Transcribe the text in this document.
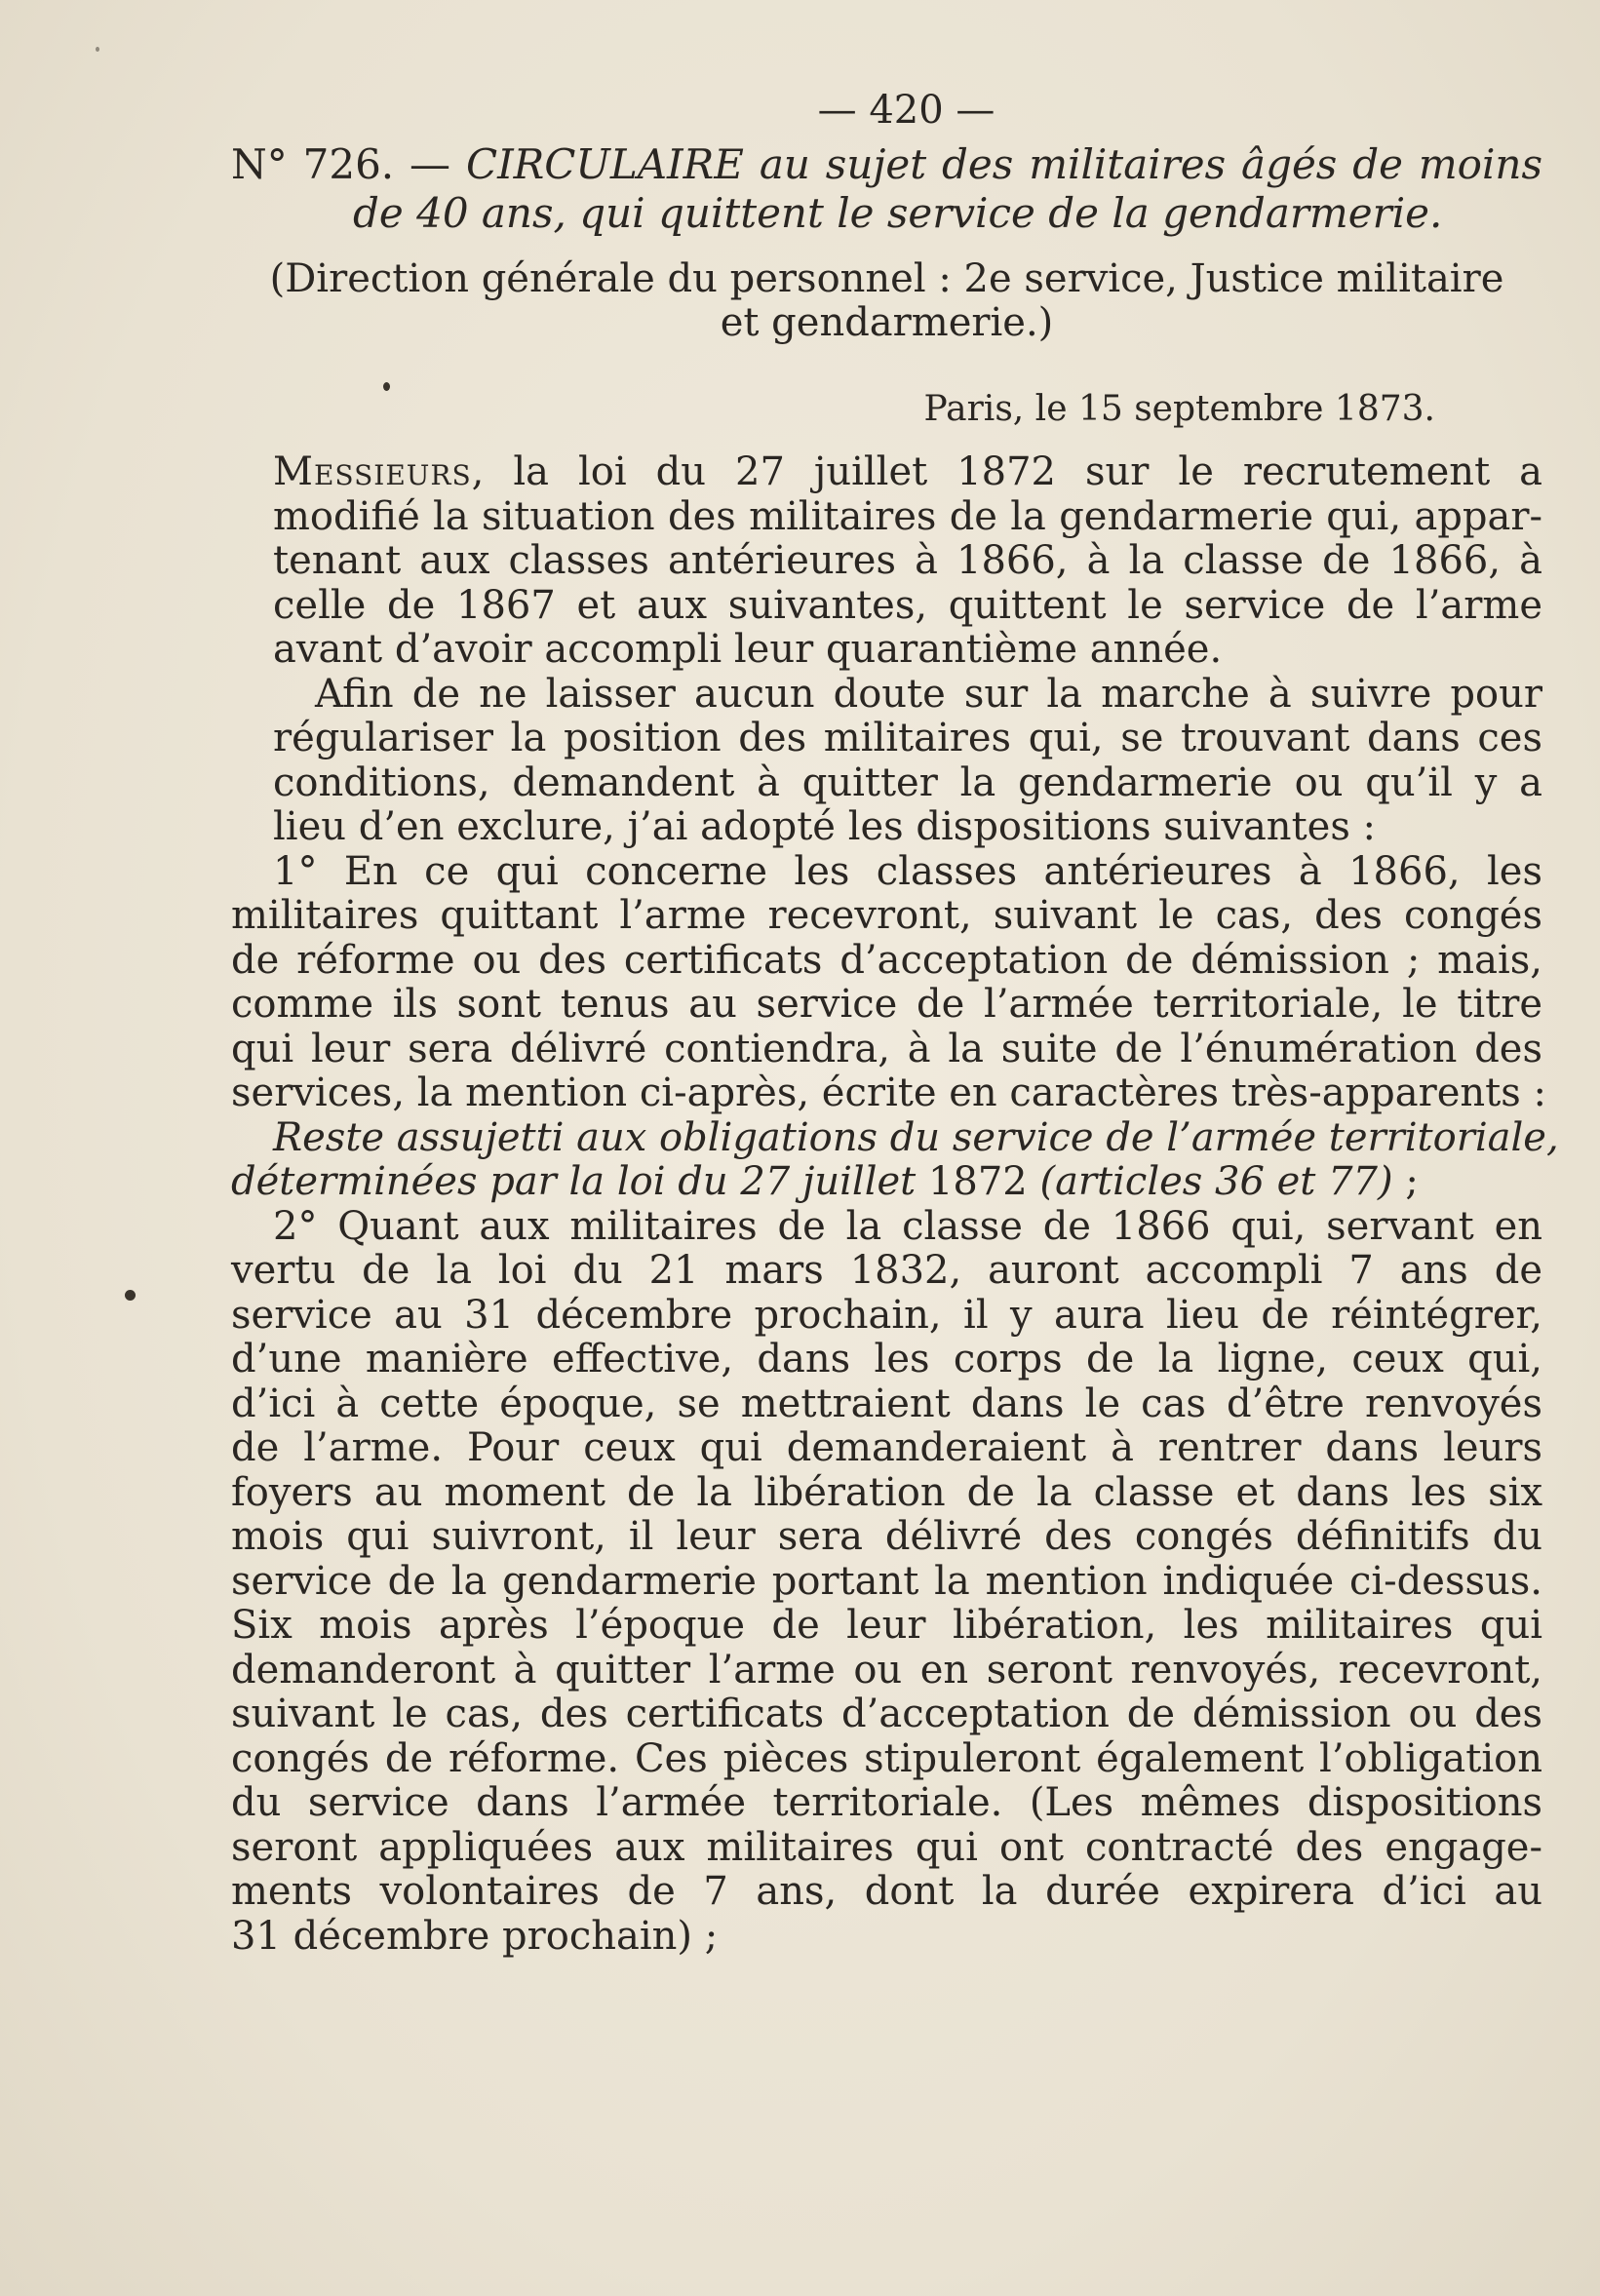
— 420 —
N° 726. — CIRCULAIRE au sujet des militaires âgés de moins
de 40 ans, qui quittent le service de la gendarmerie.
(Direction générale du personnel : 2e service, Justice militaire
et gendarmerie.)
Paris, le 15 septembre 1873.

Messieurs, la loi du 27 juillet 1872 sur le recrutement a
modifié la situation des militaires de la gendarmerie qui, appar-
tenant aux classes antérieures à 1866, à la classe de 1866, à
celle de 1867 et aux suivantes, quittent le service de l’arme
avant d’avoir accompli leur quarantième année.

Afin de ne laisser aucun doute sur la marche à suivre pour
régulariser la position des militaires qui, se trouvant dans ces
conditions, demandent à quitter la gendarmerie ou qu’il y a
lieu d’en exclure, j’ai adopté les dispositions suivantes :

1° En ce qui concerne les classes antérieures à 1866, les
militaires quittant l’arme recevront, suivant le cas, des congés
de réforme ou des certificats d’acceptation de démission ; mais,
comme ils sont tenus au service de l’armée territoriale, le titre
qui leur sera délivré contiendra, à la suite de l’énumération des
services, la mention ci-après, écrite en caractères très-apparents :

Reste assujetti aux obligations du service de l’armée territoriale,
déterminées par la loi du 27 juillet 1872 (articles 36 et 77) ;

2° Quant aux militaires de la classe de 1866 qui, servant en
vertu de la loi du 21 mars 1832, auront accompli 7 ans de
service au 31 décembre prochain, il y aura lieu de réintégrer,
d’une manière effective, dans les corps de la ligne, ceux qui,
d’ici à cette époque, se mettraient dans le cas d’être renvoyés
de l’arme. Pour ceux qui demanderaient à rentrer dans leurs
foyers au moment de la libération de la classe et dans les six
mois qui suivront, il leur sera délivré des congés définitifs du
service de la gendarmerie portant la mention indiquée ci-dessus.
Six mois après l’époque de leur libération, les militaires qui
demanderont à quitter l’arme ou en seront renvoyés, recevront,
suivant le cas, des certificats d’acceptation de démission ou des
congés de réforme. Ces pièces stipuleront également l’obligation
du service dans l’armée territoriale. (Les mêmes dispositions
seront appliquées aux militaires qui ont contracté des engage-
ments volontaires de 7 ans, dont la durée expirera d’ici au
31 décembre prochain) ;
